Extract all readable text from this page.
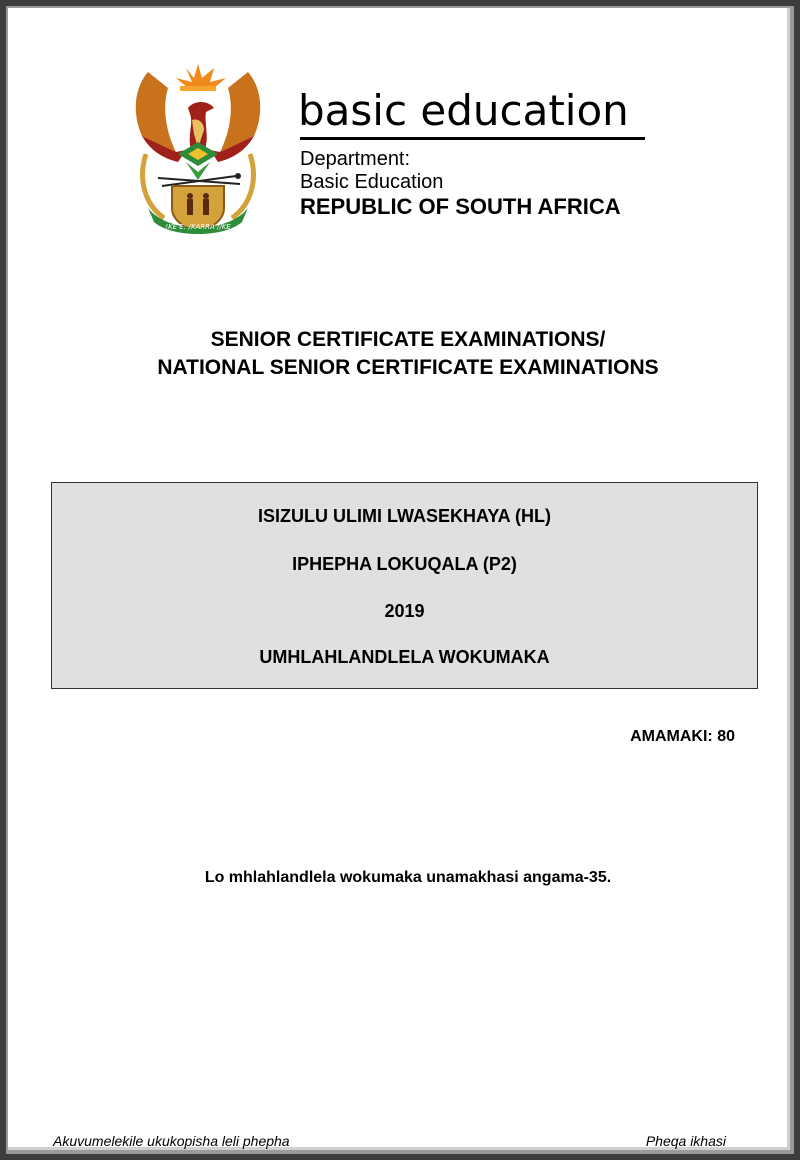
!KE E: /XARRA //KE
basic education
Department:
Basic Education
REPUBLIC OF SOUTH AFRICA
SENIOR CERTIFICATE EXAMINATIONS/
NATIONAL SENIOR CERTIFICATE EXAMINATIONS
ISIZULU ULIMI LWASEKHAYA (HL)
IPHEPHA LOKUQALA (P2)
2019
UMHLAHLANDLELA WOKUMAKA
AMAMAKI: 80
Lo mhlahlandlela wokumaka unamakhasi angama-35.
Akuvumelekile ukukopisha leli phepha	Pheqa ikhasi
